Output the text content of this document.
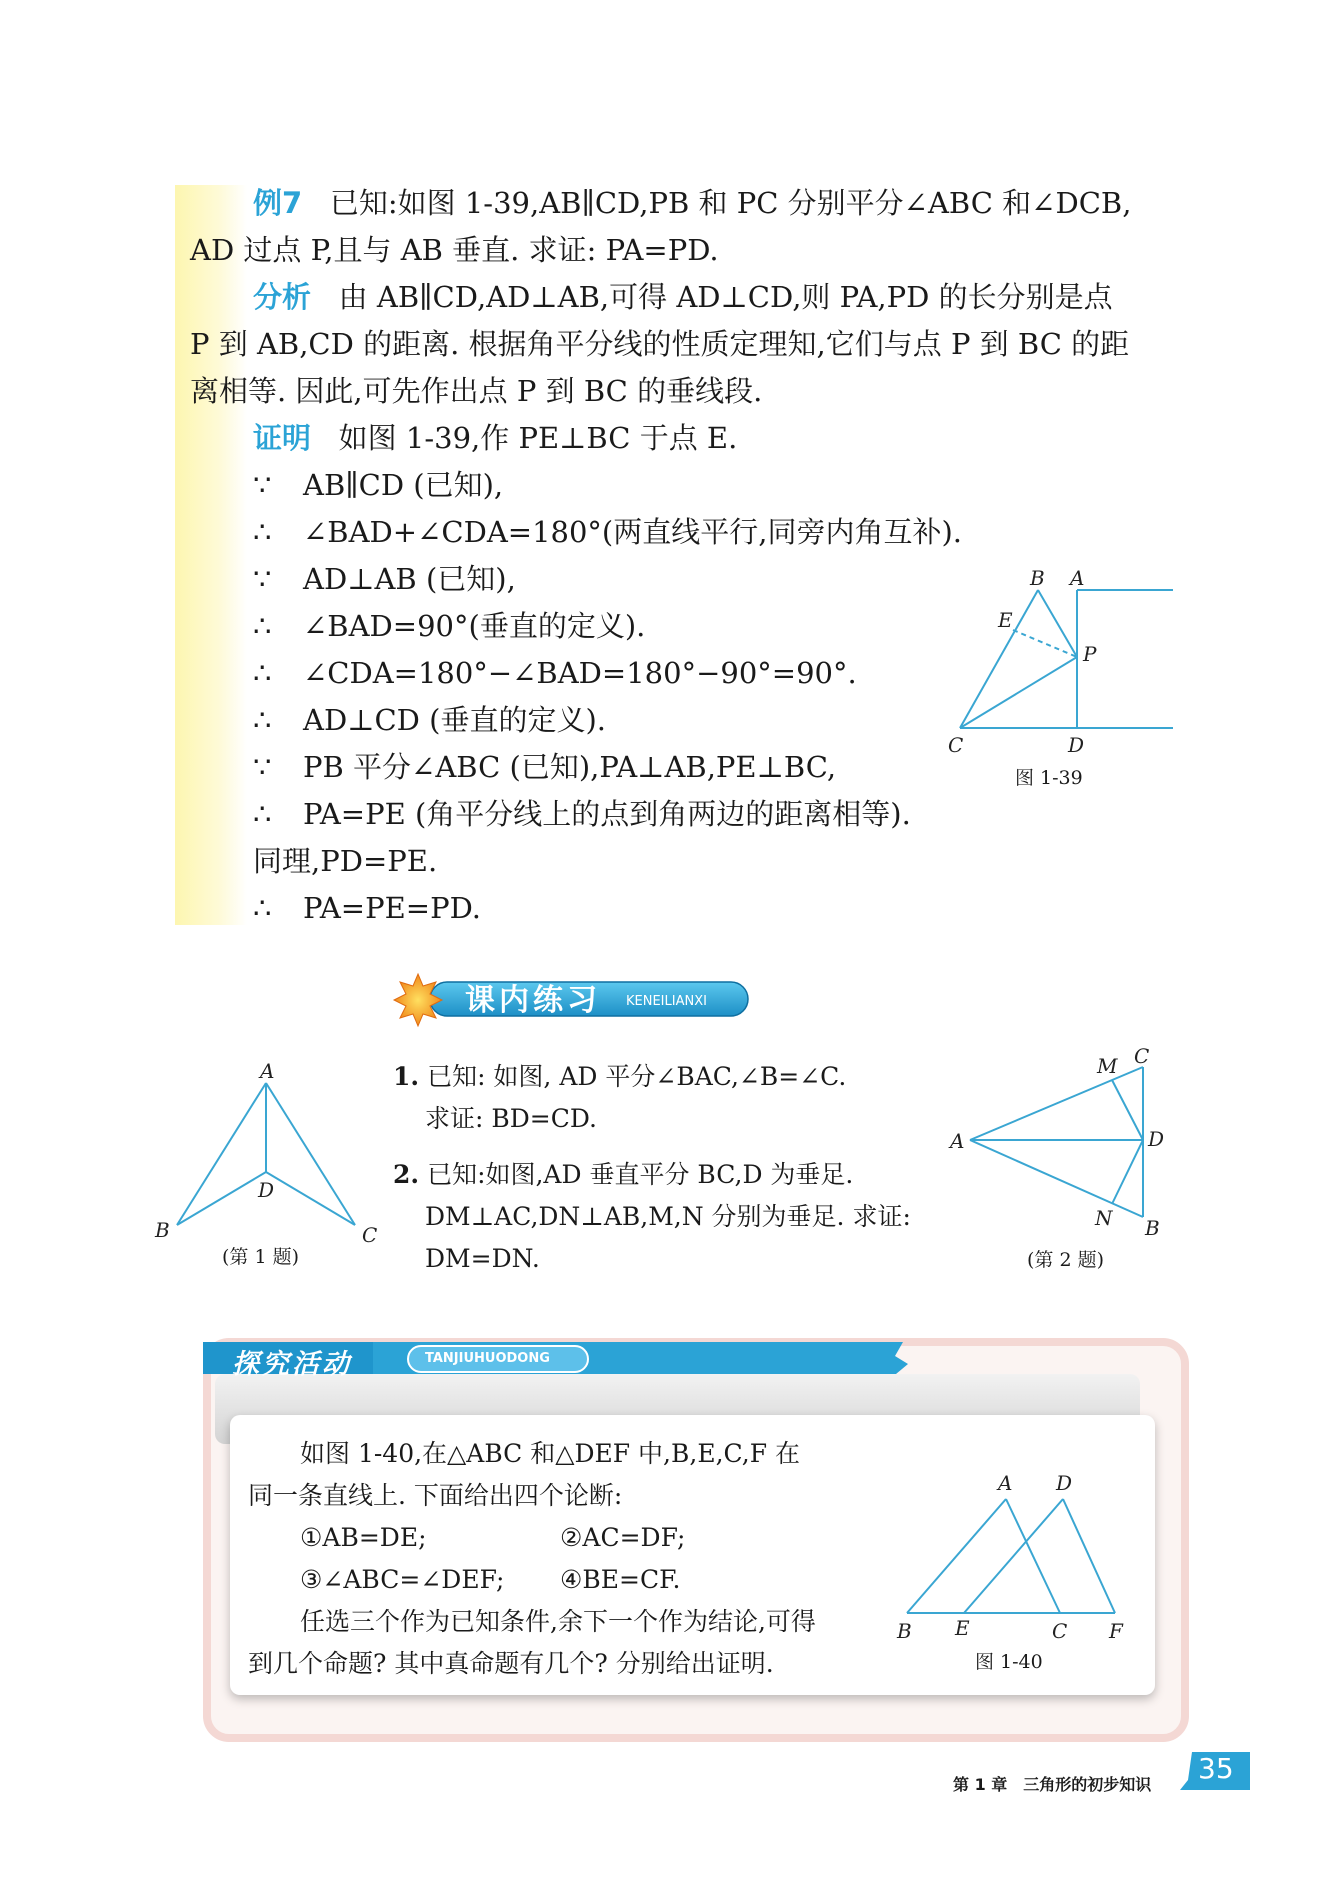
例7 已知:如图 1-39,AB∥CD,PB 和 PC 分别平分∠ABC 和∠DCB,
AD 过点 P,且与 AB 垂直. 求证: PA=PD.
分析 由 AB∥CD,AD⊥AB,可得 AD⊥CD,则 PA,PD 的长分别是点
P 到 AB,CD 的距离. 根据角平分线的性质定理知,它们与点 P 到 BC 的距
离相等. 因此,可先作出点 P 到 BC 的垂线段.
证明 如图 1-39,作 PE⊥BC 于点 E.
∵ AB∥CD (已知),
∴ ∠BAD+∠CDA=180°(两直线平行,同旁内角互补).
∵ AD⊥AB (已知),
∴ ∠BAD=90°(垂直的定义).
∴ ∠CDA=180°−∠BAD=180°−90°=90°.
∴ AD⊥CD (垂直的定义).
∵ PB 平分∠ABC (已知),PA⊥AB,PE⊥BC,
∴ PA=PE (角平分线上的点到角两边的距离相等).
同理,PD=PE.
∴ PA=PE=PD.
B A
E
P
C	D
图 1-39
课内练习 KENEILIANXI
A
D
B	C
(第 1 题)
1. 已知: 如图, AD 平分∠BAC,∠B=∠C.
求证: BD=CD.
2. 已知:如图,AD 垂直平分 BC,D 为垂足.
DM⊥AC,DN⊥AB,M,N 分别为垂足. 求证:
DM=DN.
M C
A	D
N B
(第 2 题)
探究活动	TANJIUHUODONG
如图 1-40,在△ABC 和△DEF 中,B,E,C,F 在
同一条直线上. 下面给出四个论断:
①AB=DE;	②AC=DF;
③∠ABC=∠DEF; ④BE=CF.
任选三个作为已知条件,余下一个作为结论,可得
到几个命题? 其中真命题有几个? 分别给出证明.
A D
B E	C F
图 1-40
第 1 章　三角形的初步知识 35
